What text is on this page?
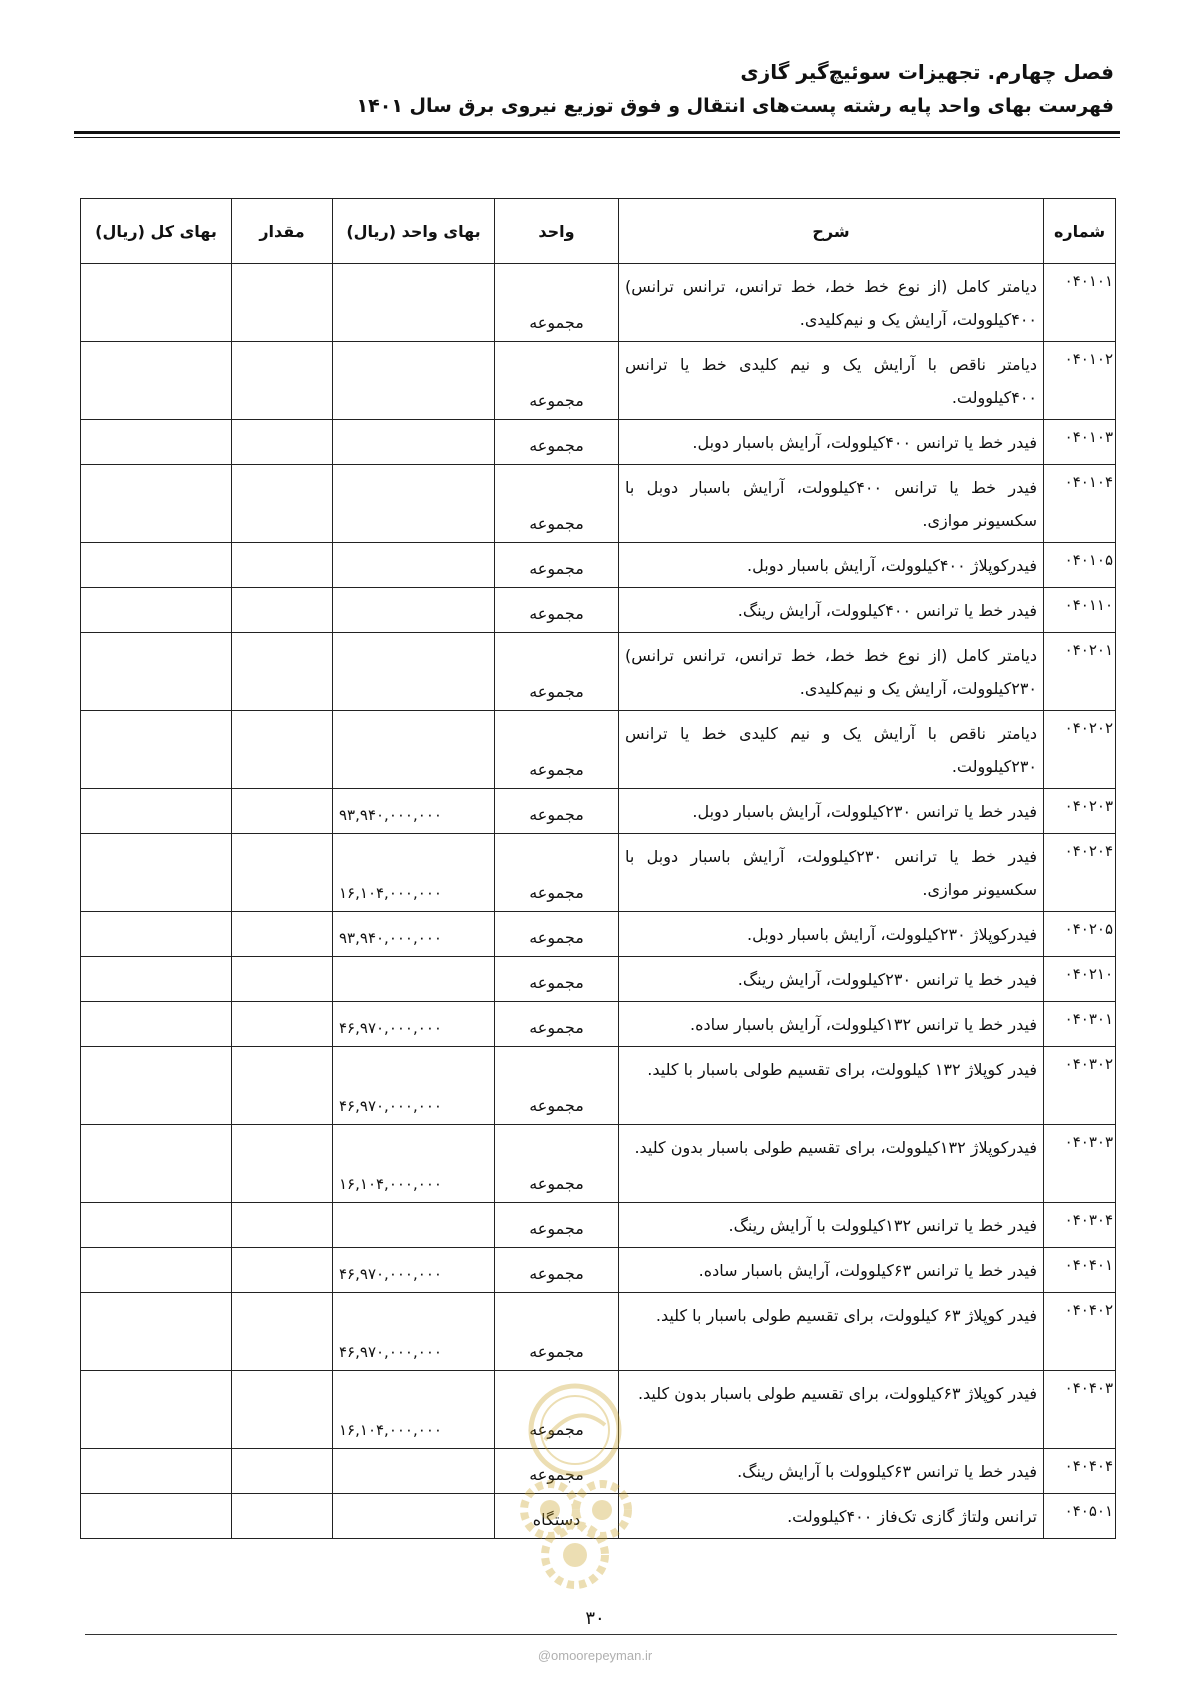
فصل چهارم. تجهیزات سوئیچ‌گیر گازی
فهرست بهای واحد پایه رشته پست‌های انتقال و فوق توزیع نیروی برق سال ۱۴۰۱
شماره	شرح	واحد	بهای واحد (ریال)	مقدار	بهای کل (ریال)
۰۴۰۱۰۱	دیامتر کامل (از نوع خط خط، خط ترانس، ترانس ترانس) ۴۰۰کیلوولت، آرایش یک و نیم‌کلیدی.	مجموعه			
۰۴۰۱۰۲	دیامتر ناقص با آرایش یک و نیم کلیدی خط یا ترانس ۴۰۰کیلوولت.	مجموعه			
۰۴۰۱۰۳	فیدر خط یا ترانس ۴۰۰کیلوولت، آرایش باسبار دوبل.	مجموعه			
۰۴۰۱۰۴	فیدر خط یا ترانس ۴۰۰کیلوولت، آرایش باسبار دوبل با سکسیونر موازی.	مجموعه			
۰۴۰۱۰۵	فیدرکوپلاژ ۴۰۰کیلوولت، آرایش باسبار دوبل.	مجموعه			
۰۴۰۱۱۰	فیدر خط یا ترانس ۴۰۰کیلوولت، آرایش رینگ.	مجموعه			
۰۴۰۲۰۱	دیامتر کامل (از نوع خط خط، خط ترانس، ترانس ترانس) ۲۳۰کیلوولت، آرایش یک و نیم‌کلیدی.	مجموعه			
۰۴۰۲۰۲	دیامتر ناقص با آرایش یک و نیم کلیدی خط یا ترانس ۲۳۰کیلوولت.	مجموعه			
۰۴۰۲۰۳	فیدر خط یا ترانس ۲۳۰کیلوولت، آرایش باسبار دوبل.	مجموعه	۹۳,۹۴۰,۰۰۰,۰۰۰		
۰۴۰۲۰۴	فیدر خط یا ترانس ۲۳۰کیلوولت، آرایش باسبار دوبل با سکسیونر موازی.	مجموعه	۱۶,۱۰۴,۰۰۰,۰۰۰		
۰۴۰۲۰۵	فیدرکوپلاژ ۲۳۰کیلوولت، آرایش باسبار دوبل.	مجموعه	۹۳,۹۴۰,۰۰۰,۰۰۰		
۰۴۰۲۱۰	فیدر خط یا ترانس ۲۳۰کیلوولت، آرایش رینگ.	مجموعه			
۰۴۰۳۰۱	فیدر خط یا ترانس ۱۳۲کیلوولت، آرایش باسبار ساده.	مجموعه	۴۶,۹۷۰,۰۰۰,۰۰۰		
۰۴۰۳۰۲	فیدر کوپلاژ ۱۳۲ کیلوولت، برای تقسیم طولی باسبار با کلید.	مجموعه	۴۶,۹۷۰,۰۰۰,۰۰۰		
۰۴۰۳۰۳	فیدرکوپلاژ ۱۳۲کیلوولت، برای تقسیم طولی باسبار بدون کلید.	مجموعه	۱۶,۱۰۴,۰۰۰,۰۰۰		
۰۴۰۳۰۴	فیدر خط یا ترانس ۱۳۲کیلوولت با آرایش رینگ.	مجموعه			
۰۴۰۴۰۱	فیدر خط یا ترانس ۶۳کیلوولت، آرایش باسبار ساده.	مجموعه	۴۶,۹۷۰,۰۰۰,۰۰۰		
۰۴۰۴۰۲	فیدر کوپلاژ ۶۳ کیلوولت، برای تقسیم طولی باسبار با کلید.	مجموعه	۴۶,۹۷۰,۰۰۰,۰۰۰		
۰۴۰۴۰۳	فیدر کوپلاژ ۶۳کیلوولت، برای تقسیم طولی باسبار بدون کلید.	مجموعه	۱۶,۱۰۴,۰۰۰,۰۰۰		
۰۴۰۴۰۴	فیدر خط یا ترانس ۶۳کیلوولت با آرایش رینگ.	مجموعه			
۰۴۰۵۰۱	ترانس ولتاژ گازی تک‌فاز ۴۰۰کیلوولت.	دستگاه			
۳۰
@omoorepeyman.ir
